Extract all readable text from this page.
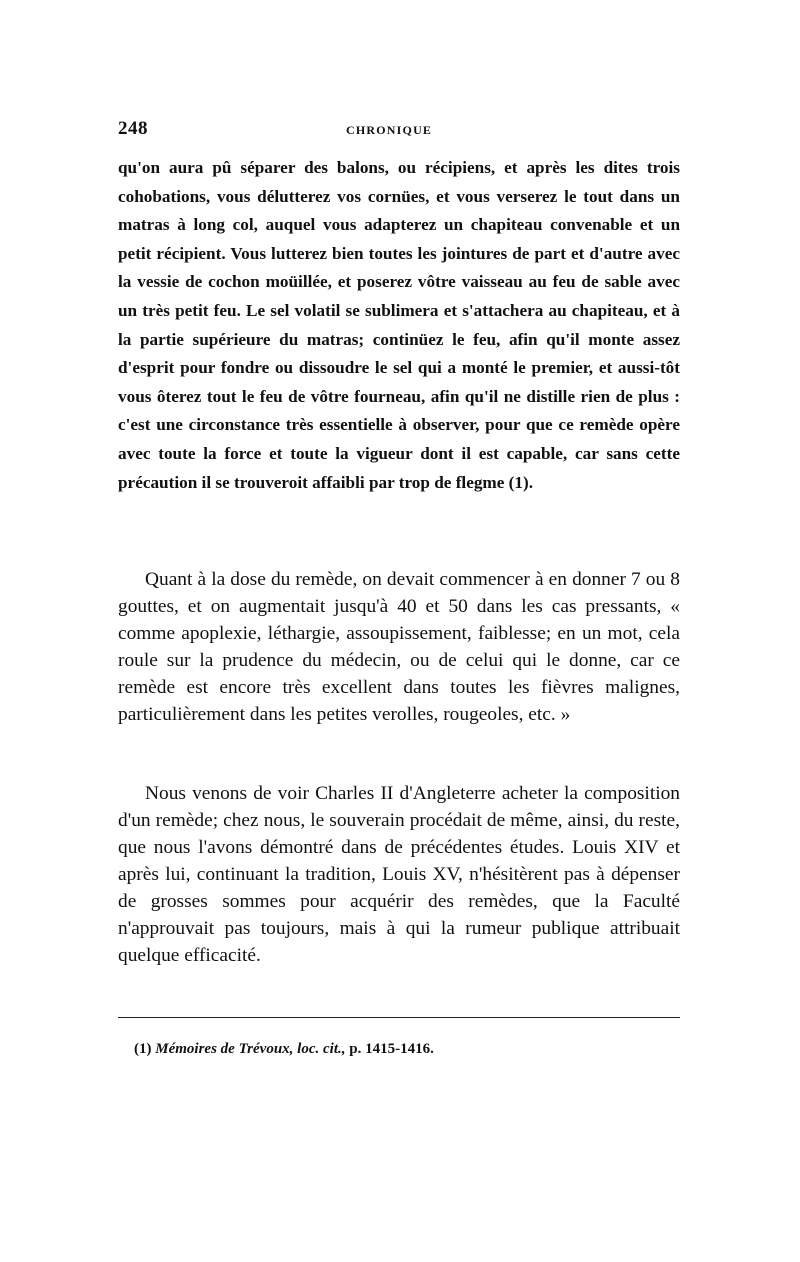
248	CHRONIQUE
qu'on aura pû séparer des balons, ou récipiens, et après les dites trois cohobations, vous délutterez vos cornües, et vous verserez le tout dans un matras à long col, auquel vous adapterez un chapiteau convenable et un petit récipient. Vous lutterez bien toutes les jointures de part et d'autre avec la vessie de cochon moüillée, et poserez vôtre vaisseau au feu de sable avec un très petit feu. Le sel volatil se sublimera et s'attachera au chapiteau, et à la partie supérieure du matras; continüez le feu, afin qu'il monte assez d'esprit pour fondre ou dissoudre le sel qui a monté le premier, et aussi-tôt vous ôterez tout le feu de vôtre fourneau, afin qu'il ne distille rien de plus : c'est une circonstance très essentielle à observer, pour que ce remède opère avec toute la force et toute la vigueur dont il est capable, car sans cette précaution il se trouveroit affaibli par trop de flegme (1).

Quant à la dose du remède, on devait commencer à en donner 7 ou 8 gouttes, et on augmentait jusqu'à 40 et 50 dans les cas pressants, « comme apoplexie, léthargie, assoupissement, faiblesse; en un mot, cela roule sur la prudence du médecin, ou de celui qui le donne, car ce remède est encore très excellent dans toutes les fièvres malignes, particulièrement dans les petites verolles, rougeoles, etc. »

Nous venons de voir Charles II d'Angleterre acheter la composition d'un remède; chez nous, le souverain procédait de même, ainsi, du reste, que nous l'avons démontré dans de précédentes études. Louis XIV et après lui, continuant la tradition, Louis XV, n'hésitèrent pas à dépenser de grosses sommes pour acquérir des remèdes, que la Faculté n'approuvait pas toujours, mais à qui la rumeur publique attribuait quelque efficacité.

(1) Mémoires de Trévoux, loc. cit., p. 1415-1416.
